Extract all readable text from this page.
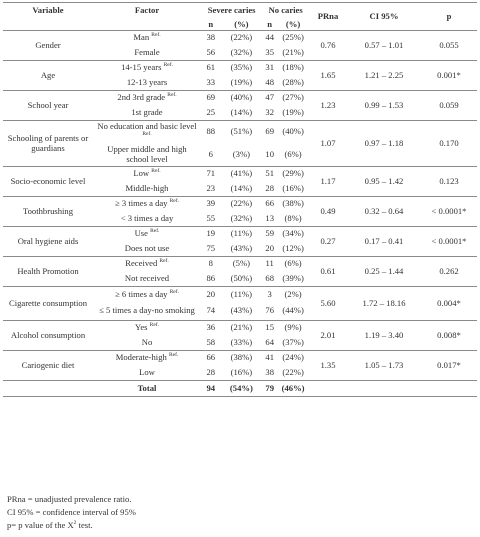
Variable	Factor	Severe caries		No caries		PRna	CI 95%	p
		n	(%)	n	(%)			
Gender	Man $^{Ref.}$	38	(22%)	44	(25%)	0.76	0.57 – 1.01	0.055
	Female	56	(32%)	35	(21%)			
Age	14-15 years $^{Ref.}$	61	(35%)	31	(18%)	1.65	1.21 – 2.25	0.001*
	12-13 years	33	(19%)	48	(28%)			
School year	2nd 3rd grade $^{Ref.}$	69	(40%)	47	(27%)	1.23	0.99 – 1.53	0.059
	1st grade	25	(14%)	32	(19%)			
Schooling of parents or guardians	No education and basic level $^{Ref.}$	88	(51%)	69	(40%)	1.07	0.97 – 1.18	0.170
	Upper middle and high school level	6	(3%)	10	(6%)			
Socio-economic level	Low $^{Ref.}$	71	(41%)	51	(29%)	1.17	0.95 – 1.42	0.123
	Middle-high	23	(14%)	28	(16%)			
Toothbrushing	≥ 3 times a day $^{Ref.}$	39	(22%)	66	(38%)	0.49	0.32 – 0.64	< 0.0001*
	< 3 times a day	55	(32%)	13	(8%)			
Oral hygiene aids	Use $^{Ref.}$	19	(11%)	59	(34%)	0.27	0.17 – 0.41	< 0.0001*
	Does not use	75	(43%)	20	(12%)			
Health Promotion	Received $^{Ref.}$	8	(5%)	11	(6%)	0.61	0.25 – 1.44	0.262
	Not received	86	(50%)	68	(39%)			
Cigarette consumption	≥ 6 times a day $^{Ref.}$	20	(11%)	3	(2%)	5.60	1.72 – 18.16	0.004*
	≤ 5 times a day-no smoking	74	(43%)	76	(44%)			
Alcohol consumption	Yes $^{Ref.}$	36	(21%)	15	(9%)	2.01	1.19 – 3.40	0.008*
	No	58	(33%)	64	(37%)			
Cariogenic diet	Moderate-high $^{Ref.}$	66	(38%)	41	(24%)	1.35	1.05 – 1.73	0.017*
	Low	28	(16%)	38	(22%)			
	Total	94	(54%)	79	(46%)			
PRna = unadjusted prevalence ratio.
CI 95% = confidence interval of 95%
p= p value of the $X^2$ test.
